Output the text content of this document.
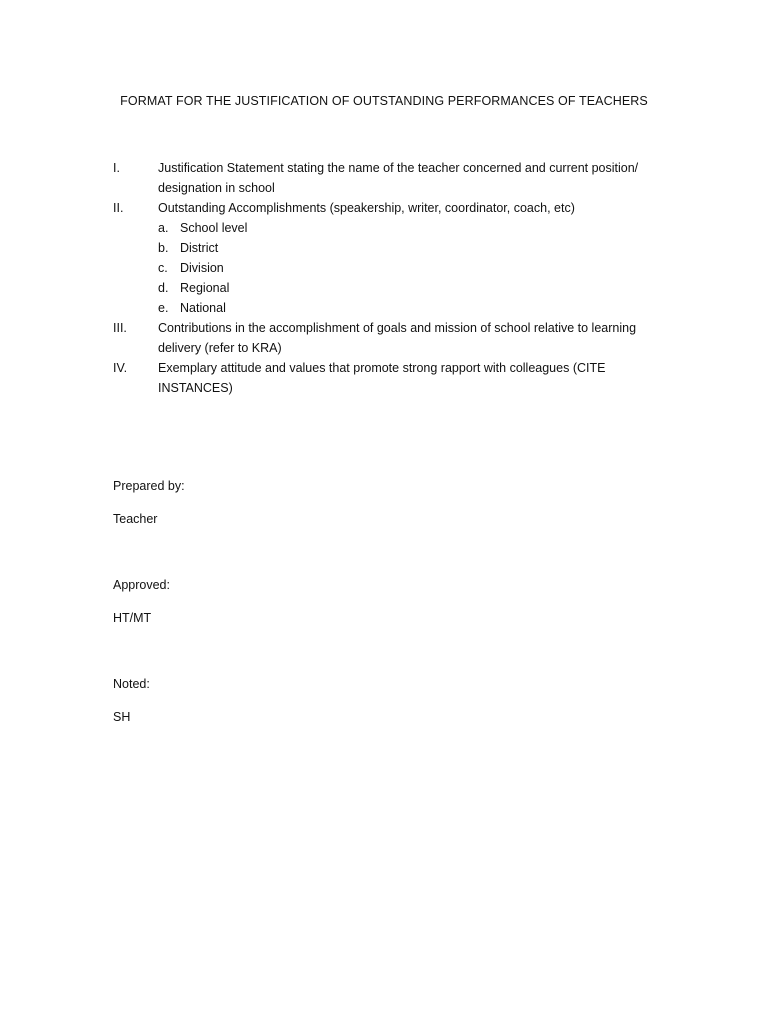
FORMAT FOR THE JUSTIFICATION OF OUTSTANDING PERFORMANCES OF TEACHERS
I.	Justification Statement stating the name of the teacher concerned and current position/ designation in school
II.	Outstanding Accomplishments (speakership, writer, coordinator, coach, etc)
a. School level
b. District
c. Division
d. Regional
e. National
III.	Contributions in the accomplishment of goals and mission of school relative to learning delivery (refer to KRA)
IV.	Exemplary attitude and values that promote strong rapport with colleagues (CITE INSTANCES)
Prepared by:
Teacher
Approved:
HT/MT
Noted:
SH
